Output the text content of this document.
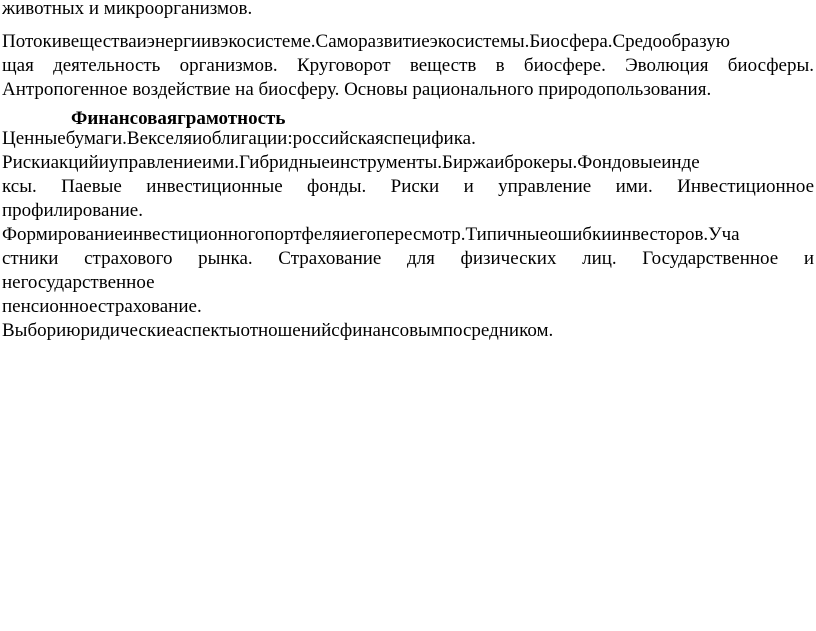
животных и микроорганизмов.
Потокивеществаиэнергиивэкосистеме.Саморазвитиеэкосистемы.Биосфера.Средообразую
щая деятельность организмов. Круговорот веществ в биосфере. Эволюция биосферы.
Антропогенное воздействие на биосферу. Основы рационального природопользования.
Финансоваяграмотность
Ценныебумаги.Векселяиоблигации:российскаяспецифика.
Рискиакцийиуправлениеими.Гибридныеинструменты.Биржаиброкеры.Фондовыеинде
ксы. Паевые инвестиционные фонды. Риски и управление ими. Инвестиционное
профилирование.
Формированиеинвестиционногопортфеляиегопересмотр.Типичныеошибкиинвесторов.Уча
стники страхового рынка. Страхование для физических лиц. Государственное и
негосударственное
пенсионноестрахование.
Выбориюридическиеаспектыотношенийсфинансовымпосредником.
